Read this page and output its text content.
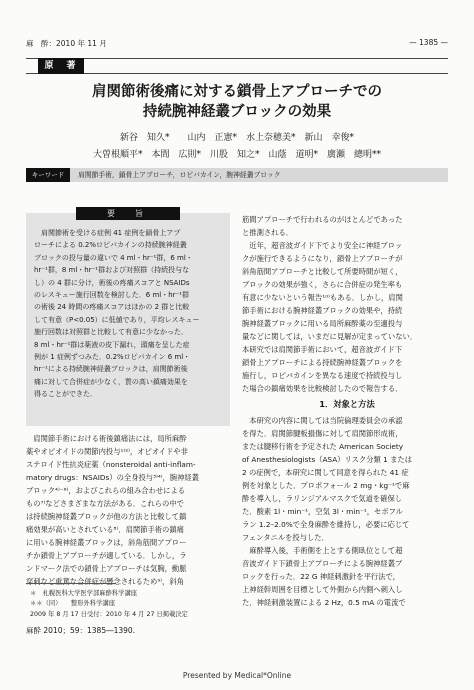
麻　酔：2010 年 11 月	— 1385 —
原　著
肩関節術後痛に対する鎖骨上アプローチでの
持続腕神経叢ブロックの効果
新谷　知久*　　山内　正憲*　水上奈穂美*　新山　幸俊*
大曽根順平*　本間　広則*　川股　知之*　山蔭　道明*　廣瀬　總明**
キーワード	肩関節手術，鎖骨上アプローチ，ロピバカイン，腕神経叢ブロック
要　旨
　肩関節術を受ける症例 41 症例を鎖骨上アプ
ローチによる 0.2%ロピバカインの持続腕神経叢
ブロックの投与量の違いで 4 ml・hr⁻¹群，6 ml・
hr⁻¹群，8 ml・hr⁻¹群および対照群（持続投与な
し）の 4 群に分け，術後の疼痛スコアと NSAIDs
のレスキュー施行回数を検討した．6 ml・hr⁻¹群
の術後 24 時間の疼痛スコアはほかの 2 群と比較
して有意（P<0.05）に低値であり，平均レスキュー
施行回数は対照群と比較して有意に少なかった．
8 ml・hr⁻¹群は薬液の皮下漏れ，頭痛を呈した症
例が 1 症例ずつみた．0.2%ロピバカイン 6 ml・
hr⁻¹による持続腕神経叢ブロックは，肩関節術後
痛に対して合併症が少なく，質の高い鎮痛効果を
得ることができた．
　肩関節手術における術後鎮痛法には，局所麻酔
薬やオピオイドの関節内投与¹⁾²⁾，オピオイドや非
ステロイド性抗炎症薬（nonsteroidal anti-inflam-
matory drugs：NSAIDs）の全身投与³⁾⁴⁾，腕神経叢
ブロック⁴⁾⁻⁶⁾，およびこれらの組み合わせによる
もの⁷⁾などさまざまな方法がある．これらの中で
は持続腕神経叢ブロックが他の方法と比較して鎮
痛効果が高いとされている⁸⁾．肩関節手術の鎮痛
に用いる腕神経叢ブロックは，斜角筋間アプロー
チか鎖骨上アプローチが適している．しかし，ラ
ンドマーク法での鎖骨上アプローチは気胸，動脈
穿刺など重篤な合併症が懸念されるため⁹⁾，斜角
筋間アプローチで行われるのがほとんどであった
と推測される．
　近年，超音波ガイド下でより安全に神経ブロッ
クが施行できるようになり，鎖骨上アプローチが
斜角筋間アプローチと比較して所要時間が短く，
ブロックの効果が強く，さらに合併症の発生率も
有意に少ないという報告¹⁰⁾もある．しかし，肩関
節手術における腕神経叢ブロックの効果や，持続
腕神経叢ブロックに用いる局所麻酔薬の至適投与
量などに関しては，いまだに見解が定まっていない．
本研究では肩関節手術において，超音波ガイド下
鎖骨上アプローチによる持続腕神経叢ブロックを
施行し，ロピバカインを異なる速度で持続投与し
た場合の鎮痛効果を比較検討したので報告する．
1．対象と方法
　本研究の内容に関しては当院倫理委員会の承認
を得た．肩関節腱板損傷に対して肩関節形成術，
または腱移行術を予定された American Society
of Anesthesiologists（ASA）リスク分類 1 または
2 の症例で，本研究に関して同意を得られた 41 症
例を対象とした．プロポフォール 2 mg・kg⁻¹で麻
酔を導入し，ラリンジアルマスクで気道を確保し
た．酸素 1l・min⁻¹，空気 3l・min⁻¹，セボフル
ラン 1.2–2.0%で全身麻酔を維持し，必要に応じて
フェンタニルを投与した．
　麻酔導入後，手術側を上とする側臥位として超
音波ガイド下鎖骨上アプローチによる腕神経叢ブ
ロックを行った．22 G 神経刺激針を平行法で，
上神経幹周囲を目標として外側から内側へ刺入し
た．神経刺激装置による 2 Hz，0.5 mA の電流で
＊　札幌医科大学医学部麻酔科学講座
＊＊（同）　　整形外科学講座
2009 年 8 月 17 日受付：2010 年 4 月 27 日掲載決定
麻酔 2010；59：1385―1390.
Presented by Medical*Online
